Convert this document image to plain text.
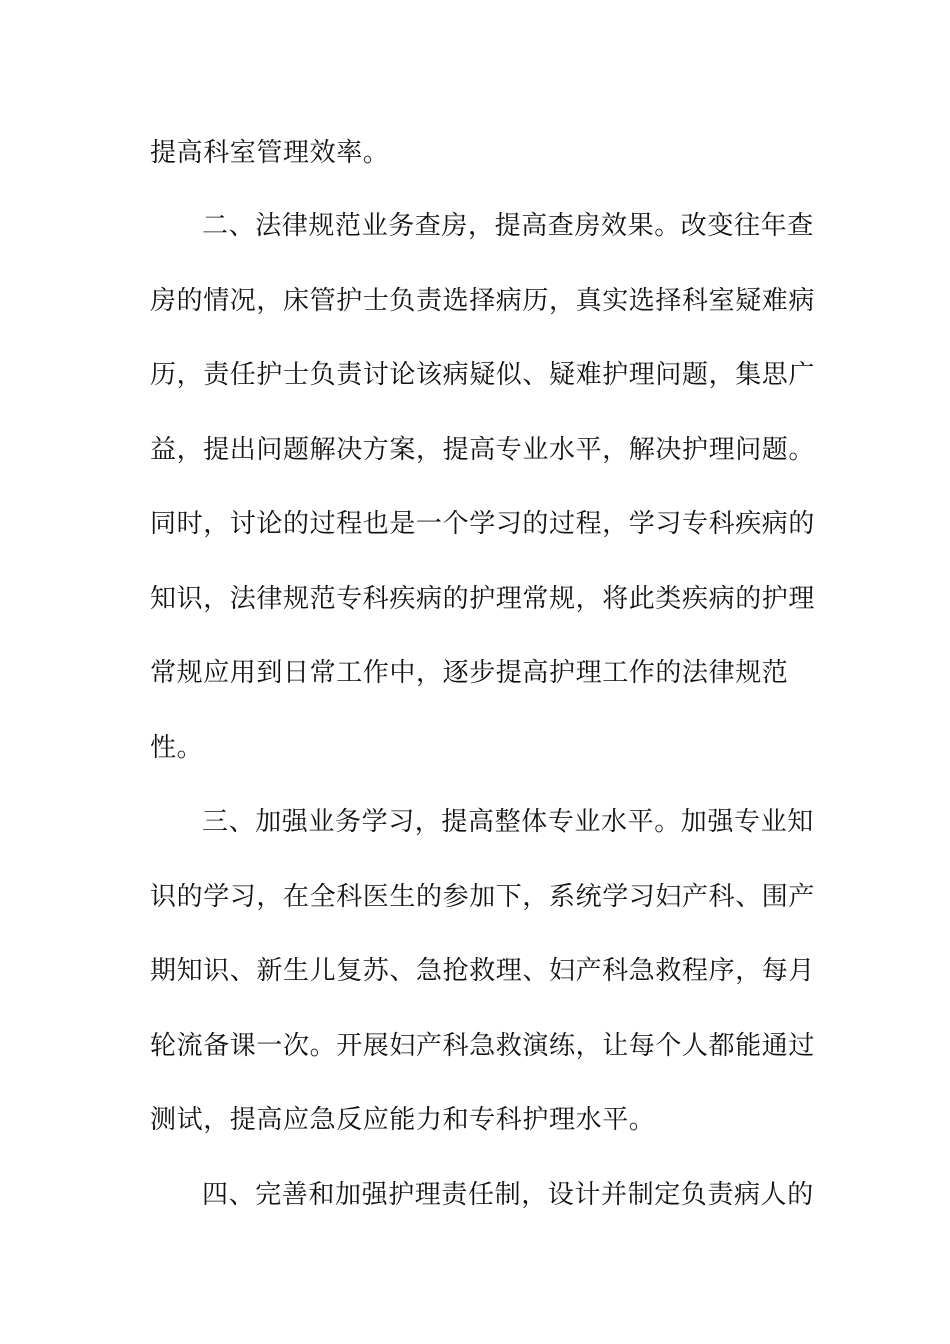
提高科室管理效率。
二、法律规范业务查房，提高查房效果。改变往年查
房的情况，床管护士负责选择病历，真实选择科室疑难病
历，责任护士负责讨论该病疑似、疑难护理问题，集思广
益，提出问题解决方案，提高专业水平，解决护理问题。
同时，讨论的过程也是一个学习的过程，学习专科疾病的
知识，法律规范专科疾病的护理常规，将此类疾病的护理
常规应用到日常工作中，逐步提高护理工作的法律规范
性。
三、加强业务学习，提高整体专业水平。加强专业知
识的学习，在全科医生的参加下，系统学习妇产科、围产
期知识、新生儿复苏、急抢救理、妇产科急救程序，每月
轮流备课一次。开展妇产科急救演练，让每个人都能通过
测试，提高应急反应能力和专科护理水平。
四、完善和加强护理责任制，设计并制定负责病人的
